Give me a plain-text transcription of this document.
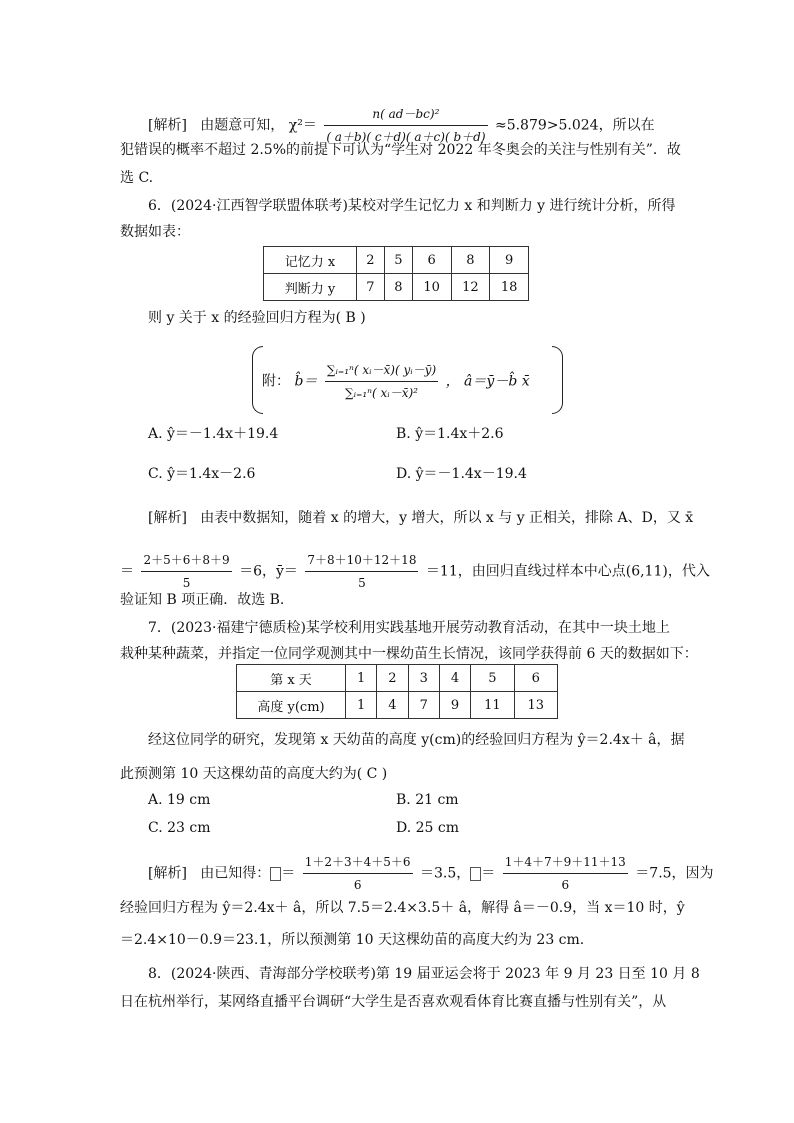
[解析] 由题意可知， $\chi^2= \frac{\text{n( ad－bc)²}}{( a+b)( c+d)( a+c)( b+d)} \approx 5.879>5.024$，所以在
犯错误的概率不超过 2.5%的前提下可认为“学生对 2022 年冬奥会的关注与性别有关”．故
选 C.
6．(2024·江西智学联盟体联考)某校对学生记忆力 x 和判断力 y 进行统计分析，所得
数据如表：
记忆力 x	2	5	6	8	9
判断力 y	7	8	10	12	18
则 y 关于 x 的经验回归方程为( B )
附： b̂＝ $\frac{\text{∑ᵢ₌₁ⁿ( xᵢ－x̄)( yᵢ－ȳ)}}{\text{∑ᵢ₌₁ⁿ( xᵢ－x̄)²}}$ ， â＝ȳ－b̂ x̄
A. ŷ＝－1.4x＋19.4	B. ŷ＝1.4x＋2.6
C. ŷ＝1.4x－2.6	D. ŷ＝－1.4x－19.4
[解析] 由表中数据知，随着 x 的增大，y 增大，所以 x 与 y 正相关，排除 A、D，又 x̄
＝ $\frac{2+5+6+8+9}{5} =6$，ȳ＝ $\frac{7+8+10+12+18}{5} =11$，由回归直线过样本中心点(6,11)，代入
验证知 B 项正确．故选 B.
7．(2023·福建宁德质检)某学校利用实践基地开展劳动教育活动，在其中一块土地上
栽种某种蔬菜，并指定一位同学观测其中一棵幼苗生长情况，该同学获得前 6 天的数据如下：
第 x 天	1	2	3	4	5	6
高度 y(cm)	1	4	7	9	11	13
经这位同学的研究，发现第 x 天幼苗的高度 y(cm)的经验回归方程为 ŷ＝2.4x＋ â，据
此预测第 10 天这棵幼苗的高度大约为( C )
A. 19 cm	B. 21 cm
C. 23 cm	D. 25 cm
[解析] 由已知得： ＝ $\frac{1+2+3+4+5+6}{6} =3.5$， ＝ $\frac{1+4+7+9+11+13}{6} =7.5$，因为
经验回归方程为 ŷ＝2.4x＋ â，所以 7.5＝2.4×3.5＋ â，解得 â＝－0.9，当 x＝10 时，ŷ
＝2.4×10－0.9＝23.1，所以预测第 10 天这棵幼苗的高度大约为 23 cm.
8．(2024·陕西、青海部分学校联考)第 19 届亚运会将于 2023 年 9 月 23 日至 10 月 8
日在杭州举行，某网络直播平台调研“大学生是否喜欢观看体育比赛直播与性别有关”，从
